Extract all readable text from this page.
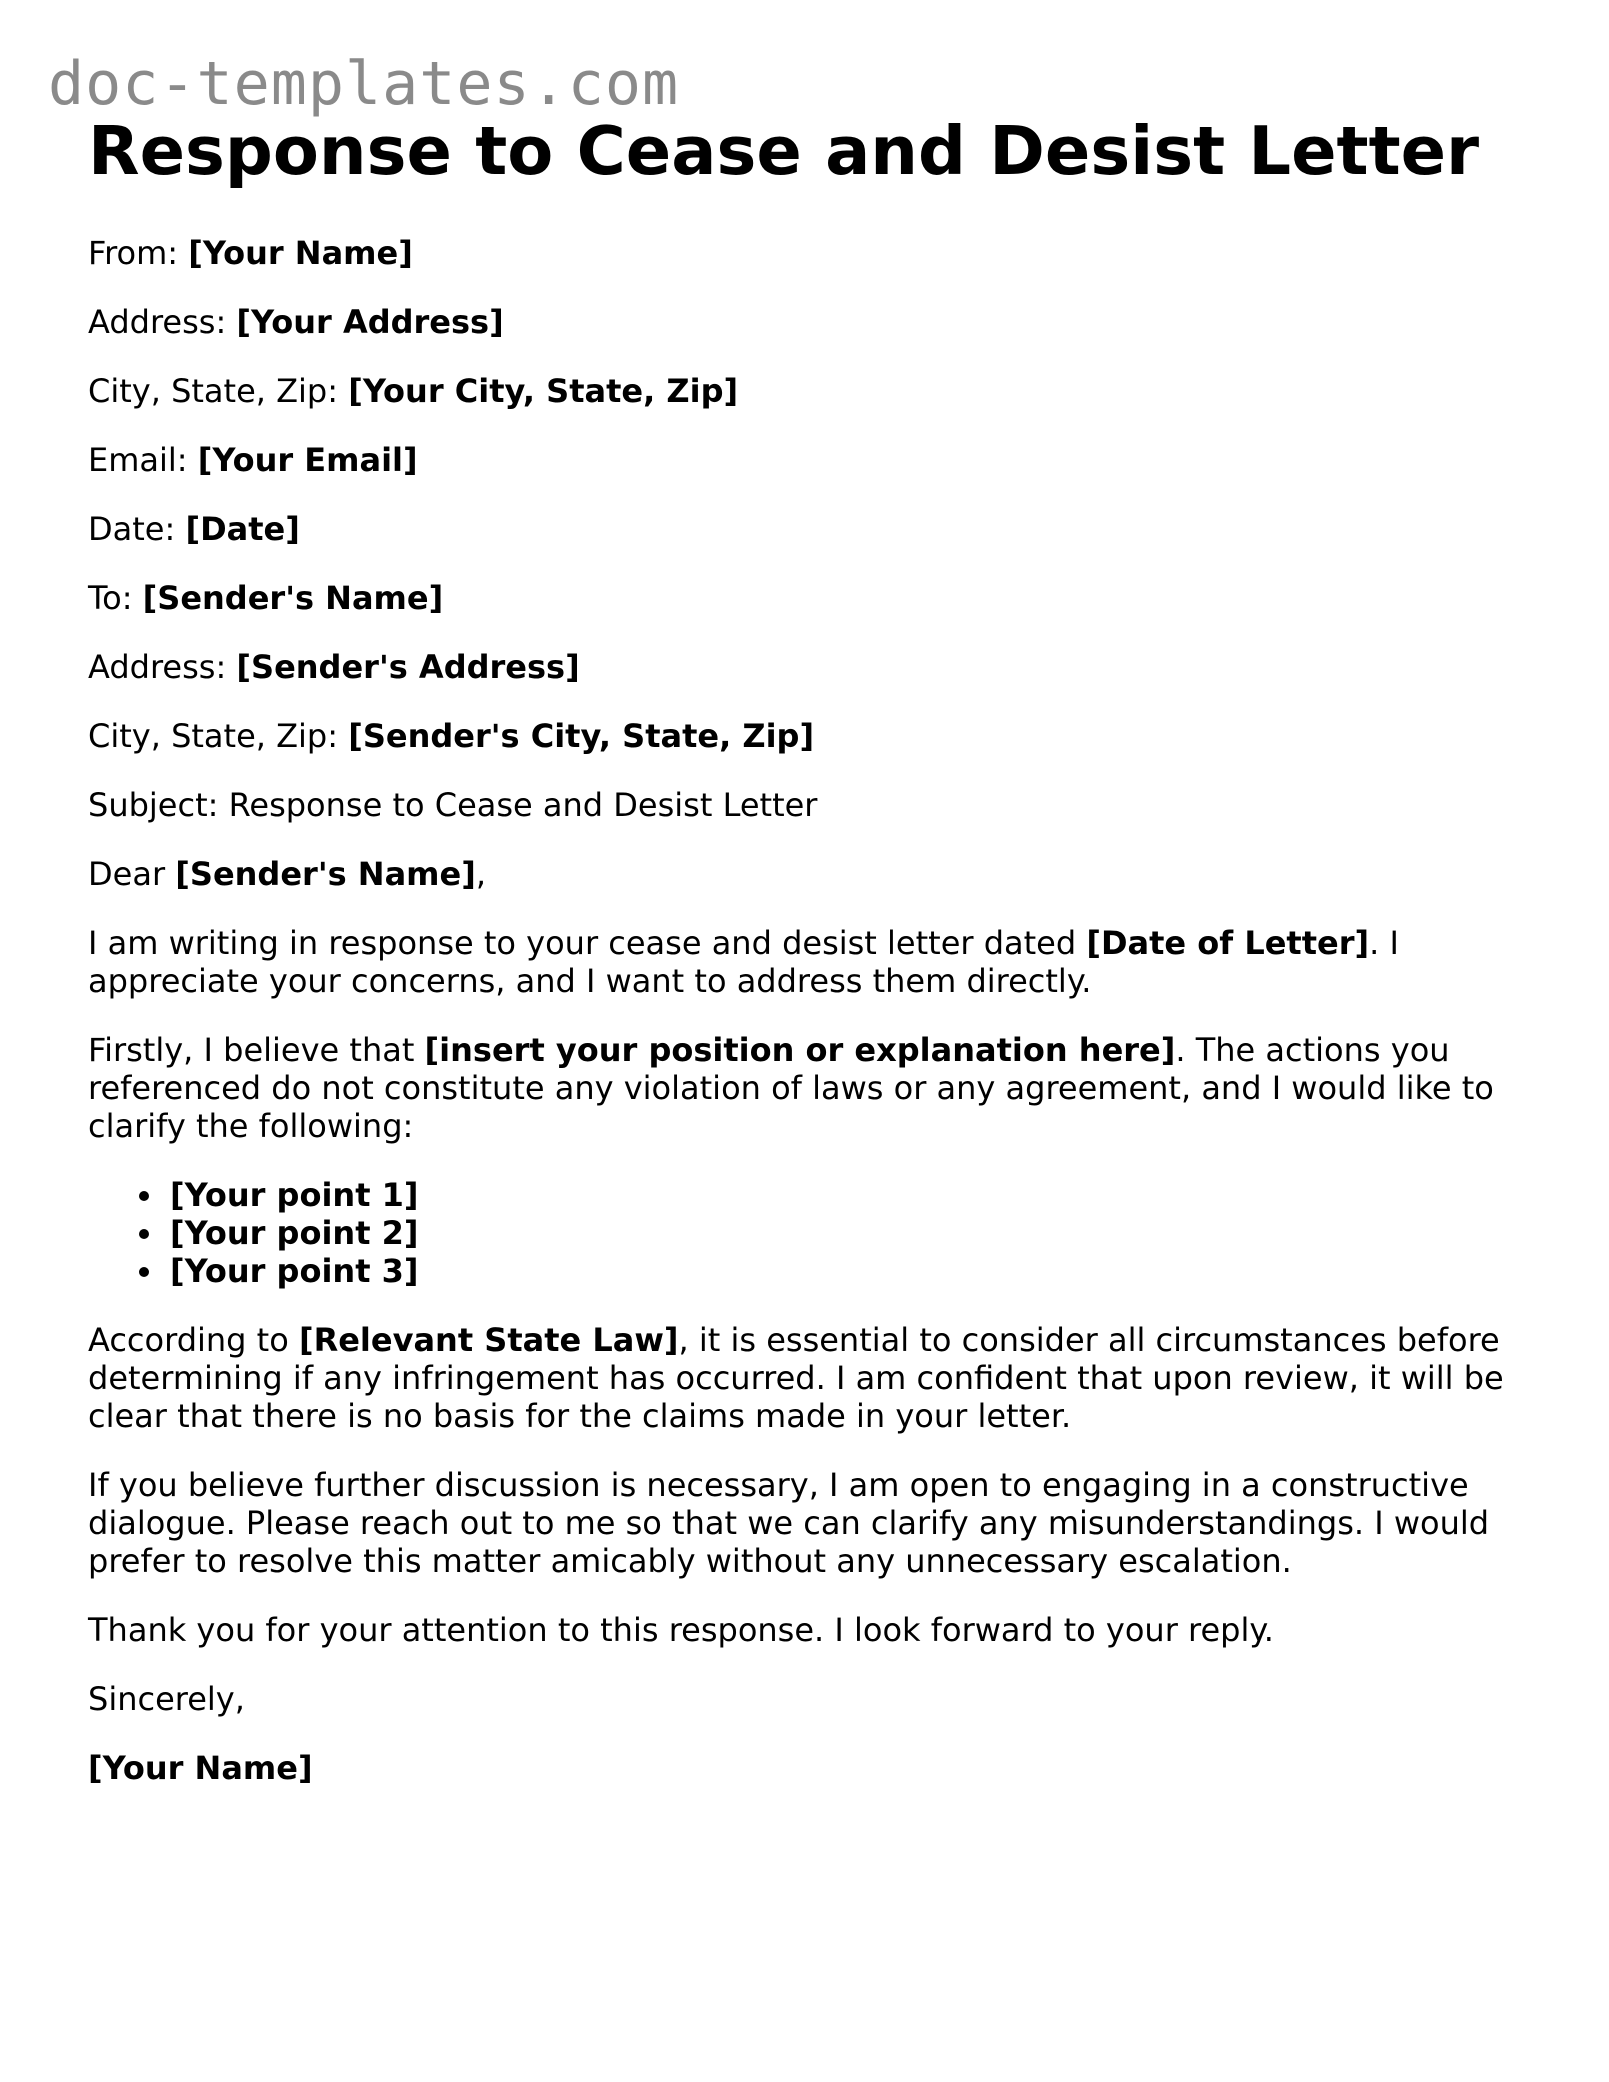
doc-templates.com
Response to Cease and Desist Letter

From: [Your Name]

Address: [Your Address]

City, State, Zip: [Your City, State, Zip]

Email: [Your Email]

Date: [Date]

To: [Sender's Name]

Address: [Sender's Address]

City, State, Zip: [Sender's City, State, Zip]

Subject: Response to Cease and Desist Letter

Dear [Sender's Name],

I am writing in response to your cease and desist letter dated [Date of Letter]. I appreciate your concerns, and I want to address them directly.

Firstly, I believe that [insert your position or explanation here]. The actions you referenced do not constitute any violation of laws or any agreement, and I would like to clarify the following:

• [Your point 1]
• [Your point 2]
• [Your point 3]

According to [Relevant State Law], it is essential to consider all circumstances before determining if any infringement has occurred. I am confident that upon review, it will be clear that there is no basis for the claims made in your letter.

If you believe further discussion is necessary, I am open to engaging in a constructive dialogue. Please reach out to me so that we can clarify any misunderstandings. I would prefer to resolve this matter amicably without any unnecessary escalation.

Thank you for your attention to this response. I look forward to your reply.

Sincerely,

[Your Name]
